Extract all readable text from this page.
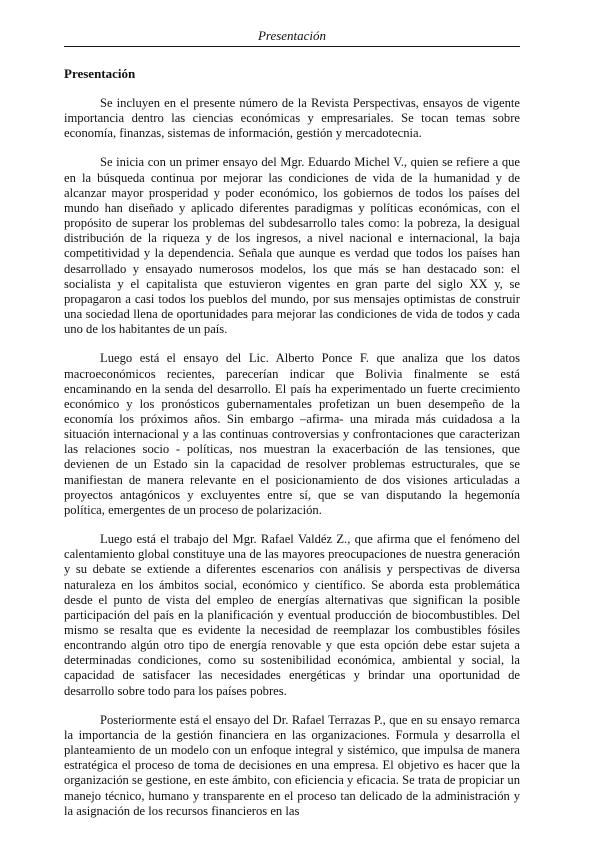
Presentación
Presentación

Se incluyen en el presente número de la Revista Perspectivas, ensayos de vigente importancia dentro las ciencias económicas y empresariales. Se tocan temas sobre economía, finanzas, sistemas de información, gestión y mercadotecnia.

Se inicia con un primer ensayo del Mgr. Eduardo Michel V., quien se refiere a que en la búsqueda continua por mejorar las condiciones de vida de la humanidad y de alcanzar mayor prosperidad y poder económico, los gobiernos de todos los países del mundo han diseñado y aplicado diferentes paradigmas y políticas económicas, con el propósito de superar los problemas del subdesarrollo tales como: la pobreza, la desigual distribución de la riqueza y de los ingresos, a nivel nacional e internacional, la baja competitividad y la dependencia. Señala que aunque es verdad que todos los países han desarrollado y ensayado numerosos modelos, los que más se han destacado son: el socialista y el capitalista que estuvieron vigentes en gran parte del siglo XX y, se propagaron a casi todos los pueblos del mundo, por sus mensajes optimistas de construir una sociedad llena de oportunidades para mejorar las condiciones de vida de todos y cada uno de los habitantes de un país.

Luego está el ensayo del Lic. Alberto Ponce F. que analiza que los datos macroeconómicos recientes, parecerían indicar que Bolivia finalmente se está encaminando en la senda del desarrollo. El país ha experimentado un fuerte crecimiento económico y los pronósticos gubernamentales profetizan un buen desempeño de la economía los próximos años. Sin embargo –afirma- una mirada más cuidadosa a la situación internacional y a las continuas controversias y confrontaciones que caracterizan las relaciones socio - políticas, nos muestran la exacerbación de las tensiones, que devienen de un Estado sin la capacidad de resolver problemas estructurales, que se manifiestan de manera relevante en el posicionamiento de dos visiones articuladas a proyectos antagónicos y excluyentes entre sí, que se van disputando la hegemonía política, emergentes de un proceso de polarización.

Luego está el trabajo del Mgr. Rafael Valdéz Z., que afirma que el fenómeno del calentamiento global constituye una de las mayores preocupaciones de nuestra generación y su debate se extiende a diferentes escenarios con análisis y perspectivas de diversa naturaleza en los ámbitos social, económico y científico. Se aborda esta problemática desde el punto de vista del empleo de energías alternativas que significan la posible participación del país en la planificación y eventual producción de biocombustibles. Del mismo se resalta que es evidente la necesidad de reemplazar los combustibles fósiles encontrando algún otro tipo de energía renovable y que esta opción debe estar sujeta a determinadas condiciones, como su sostenibilidad económica, ambiental y social, la capacidad de satisfacer las necesidades energéticas y brindar una oportunidad de desarrollo sobre todo para los países pobres.

Posteriormente está el ensayo del Dr. Rafael Terrazas P., que en su ensayo remarca la importancia de la gestión financiera en las organizaciones. Formula y desarrolla el planteamiento de un modelo con un enfoque integral y sistémico, que impulsa de manera estratégica el proceso de toma de decisiones en una empresa. El objetivo es hacer que la organización se gestione, en este ámbito, con eficiencia y eficacia. Se trata de propiciar un manejo técnico, humano y transparente en el proceso tan delicado de la administración y la asignación de los recursos financieros en las
